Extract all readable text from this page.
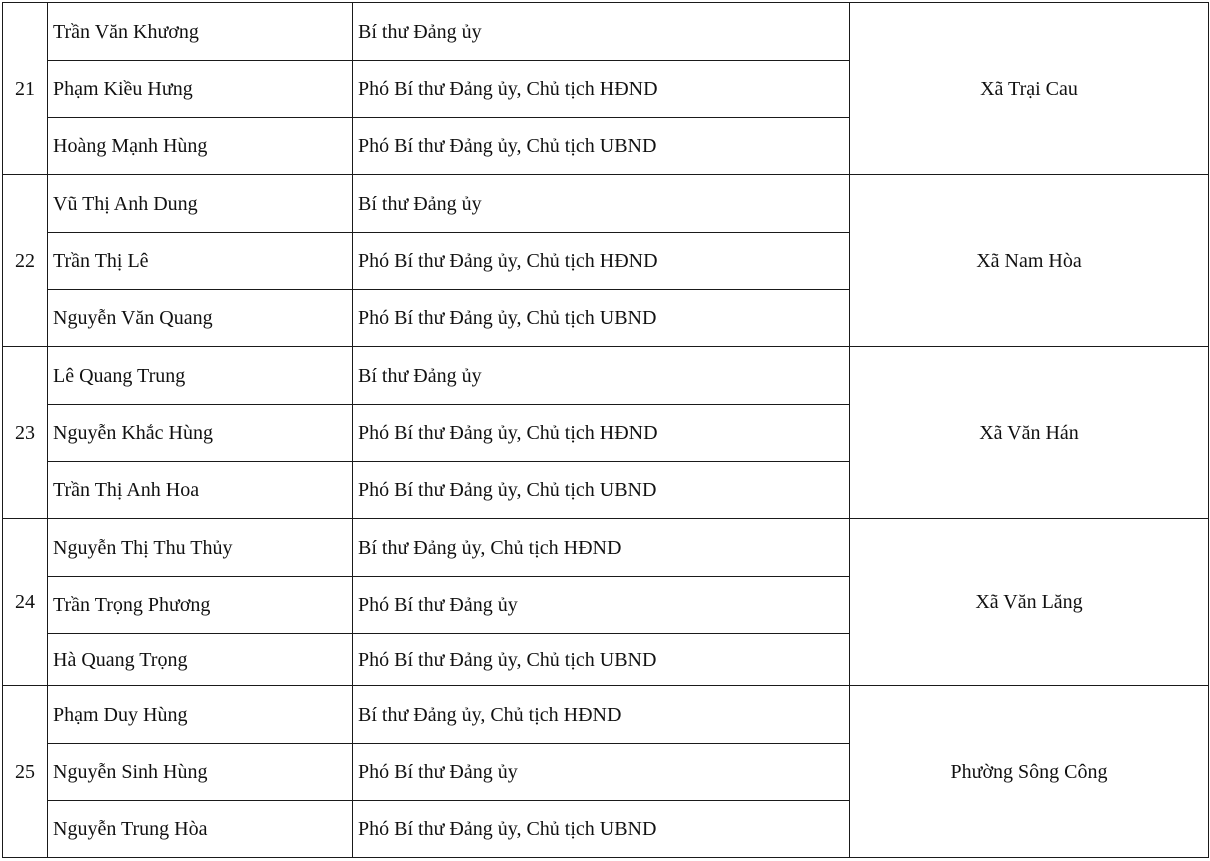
21	Trần Văn Khương	Bí thư Đảng ủy	Xã Trại Cau
	Phạm Kiều Hưng	Phó Bí thư Đảng ủy, Chủ tịch HĐND	
	Hoàng Mạnh Hùng	Phó Bí thư Đảng ủy, Chủ tịch UBND	
22	Vũ Thị Anh Dung	Bí thư Đảng ủy	Xã Nam Hòa
	Trần Thị Lê	Phó Bí thư Đảng ủy, Chủ tịch HĐND	
	Nguyễn Văn Quang	Phó Bí thư Đảng ủy, Chủ tịch UBND	
23	Lê Quang Trung	Bí thư Đảng ủy	Xã Văn Hán
	Nguyễn Khắc Hùng	Phó Bí thư Đảng ủy, Chủ tịch HĐND	
	Trần Thị Anh Hoa	Phó Bí thư Đảng ủy, Chủ tịch UBND	
24	Nguyễn Thị Thu Thủy	Bí thư Đảng ủy, Chủ tịch HĐND	Xã Văn Lăng
	Trần Trọng Phương	Phó Bí thư Đảng ủy	
	Hà Quang Trọng	Phó Bí thư Đảng ủy, Chủ tịch UBND	
25	Phạm Duy Hùng	Bí thư Đảng ủy, Chủ tịch HĐND	Phường Sông Công
	Nguyễn Sinh Hùng	Phó Bí thư Đảng ủy	
	Nguyễn Trung Hòa	Phó Bí thư Đảng ủy, Chủ tịch UBND	
